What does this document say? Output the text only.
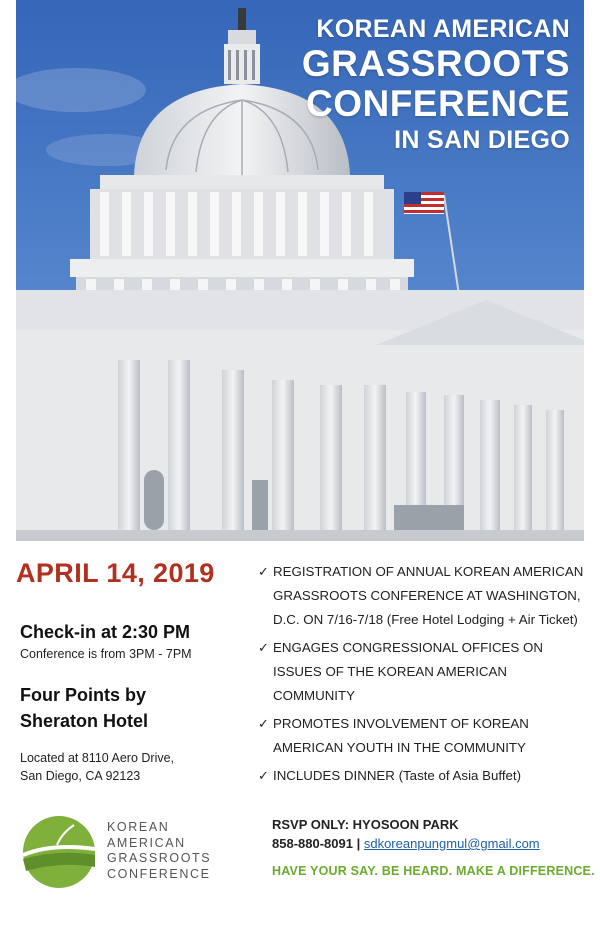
KOREAN AMERICAN
GRASSROOTS
CONFERENCE
IN SAN DIEGO
APRIL 14, 2019
Check-in at 2:30 PM
Conference is from 3PM - 7PM
Four Points by
Sheraton Hotel
Located at 8110 Aero Drive,
San Diego, CA 92123
KOREAN
AMERICAN
GRASSROOTS
CONFERENCE
✓ REGISTRATION OF ANNUAL KOREAN AMERICAN GRASSROOTS CONFERENCE AT WASHINGTON, D.C. ON 7/16-7/18 (Free Hotel Lodging + Air Ticket)
✓ ENGAGES CONGRESSIONAL OFFICES ON ISSUES OF THE KOREAN AMERICAN COMMUNITY
✓ PROMOTES INVOLVEMENT OF KOREAN AMERICAN YOUTH IN THE COMMUNITY
✓ INCLUDES DINNER (Taste of Asia Buffet)
RSVP ONLY: HYOSOON PARK
858-880-8091 | sdkoreanpungmul@gmail.com
HAVE YOUR SAY. BE HEARD. MAKE A DIFFERENCE.
